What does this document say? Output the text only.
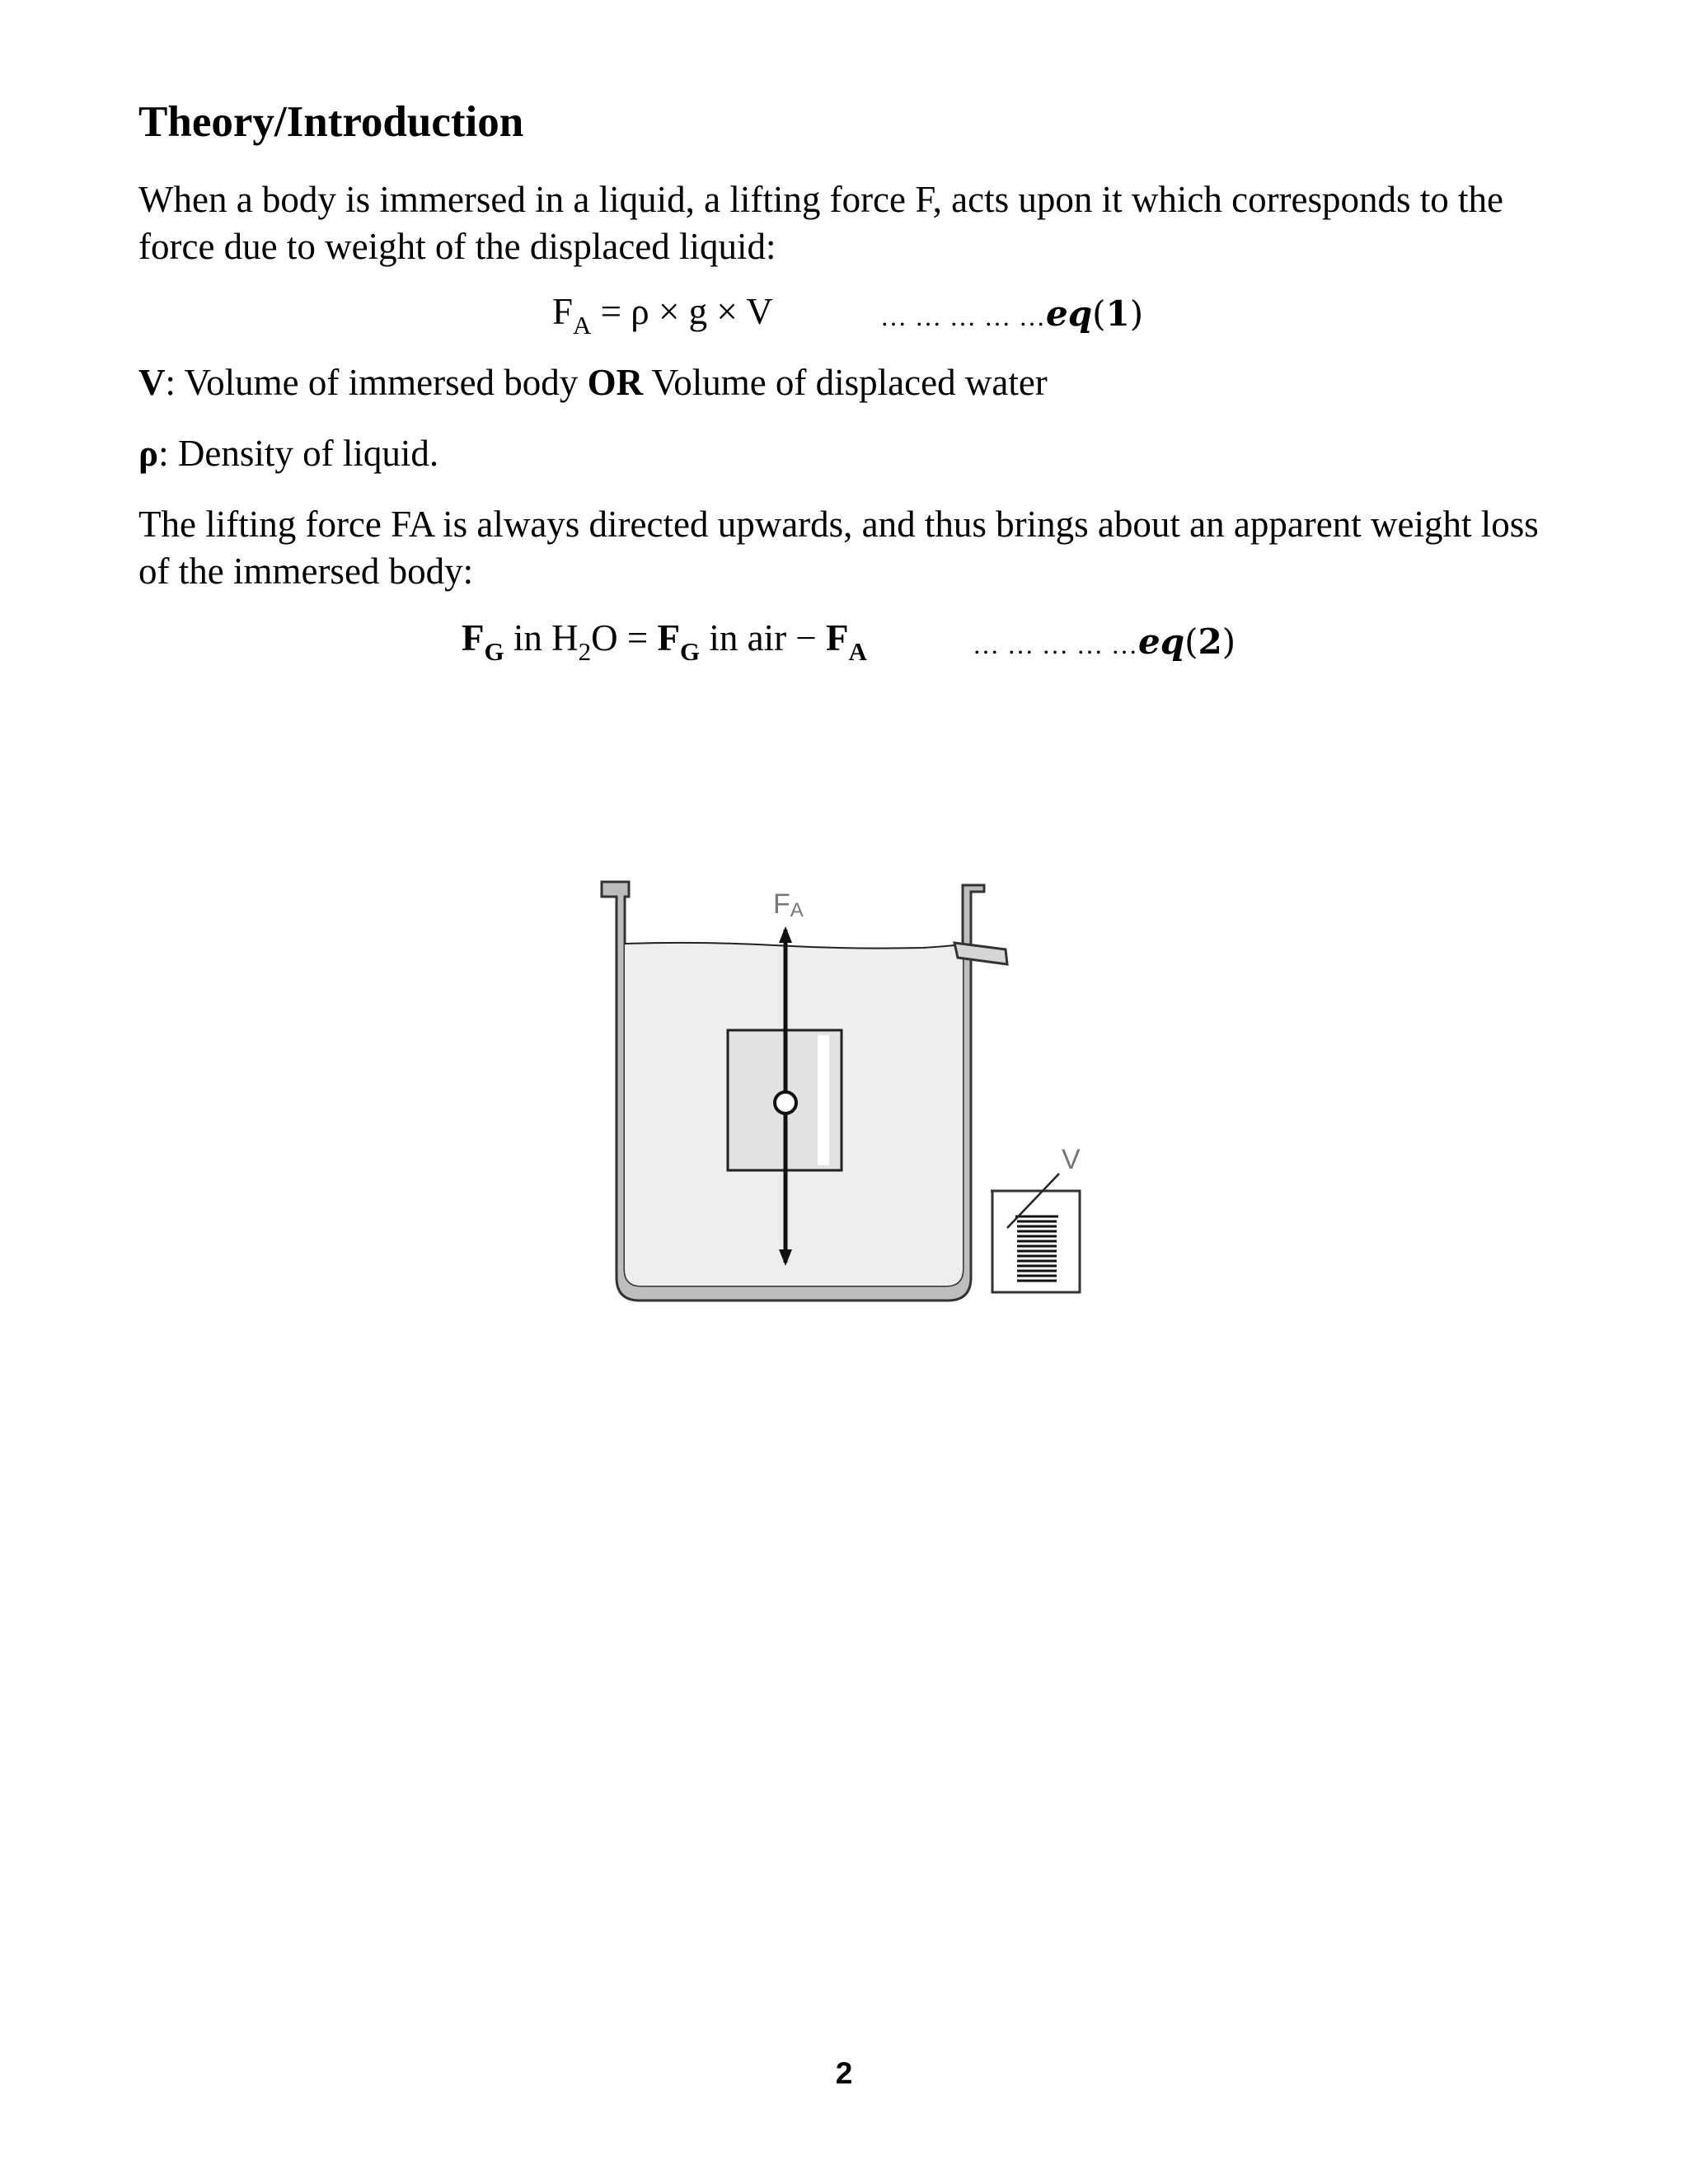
Theory/Introduction

When a body is immersed in a liquid, a lifting force F, acts upon it which corresponds to the force due to weight of the displaced liquid:

$F_A = \rho \times g \times V$	… … … … …eq(1)

V: Volume of immersed body OR Volume of displaced water

ρ: Density of liquid.

The lifting force FA is always directed upwards, and thus brings about an apparent weight loss of the immersed body:

$F_G$ in $H_2O = F_G$ in air − $F_A$	… … … … …eq(2)
FA
V
2
